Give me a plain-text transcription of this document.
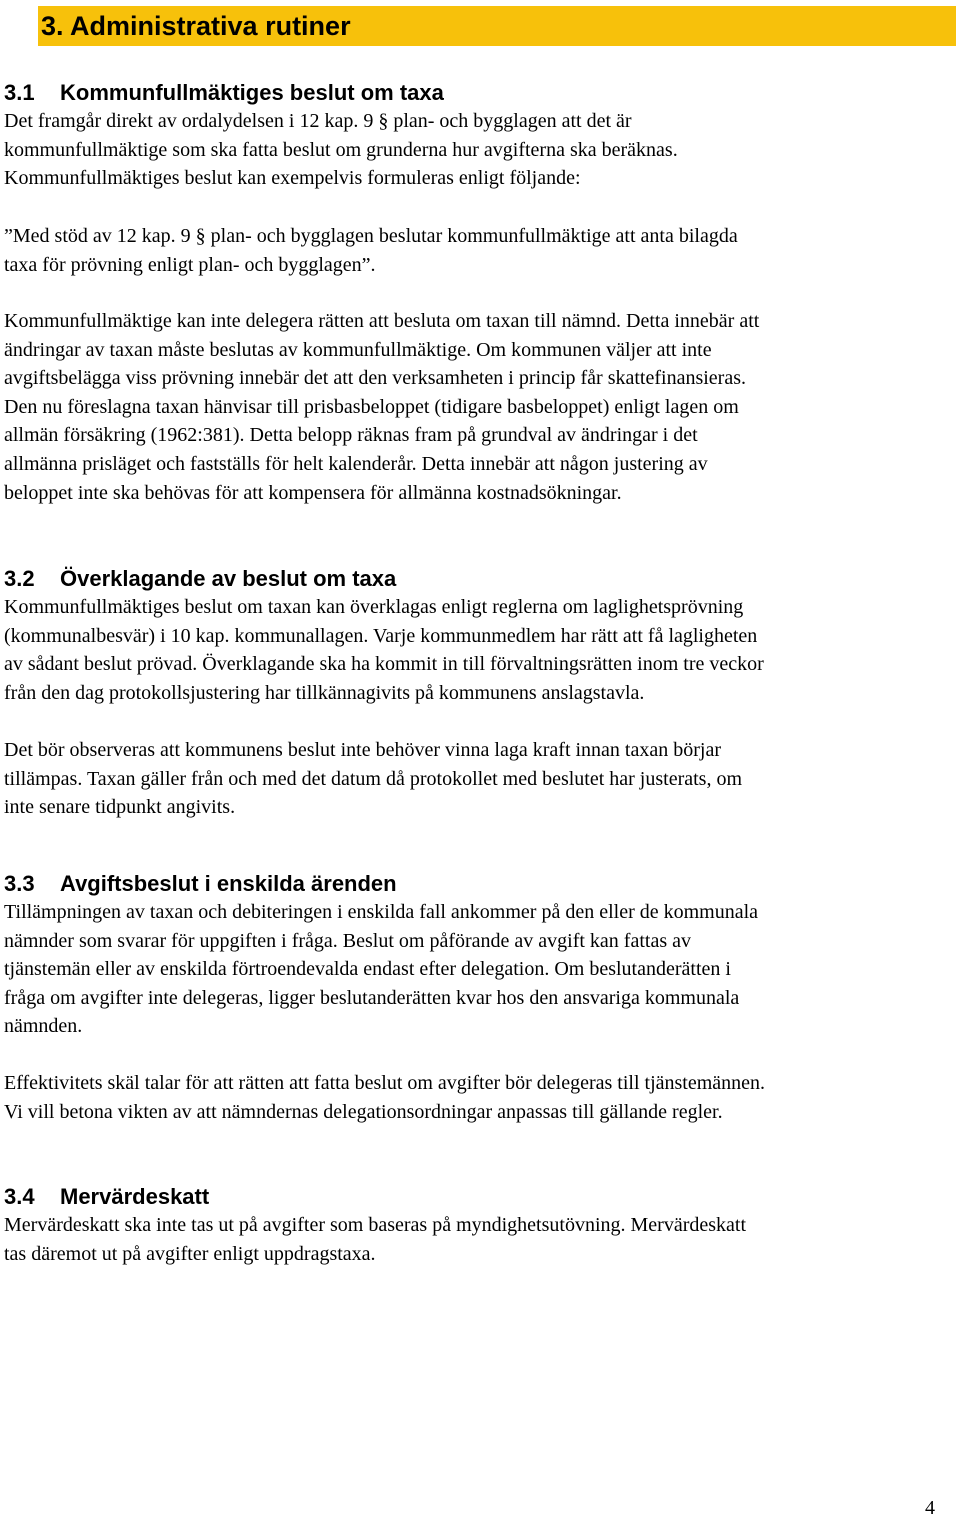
3. Administrativa rutiner
3.1 Kommunfullmäktiges beslut om taxa

Det framgår direkt av ordalydelsen i 12 kap. 9 § plan- och bygglagen att det är
kommunfullmäktige som ska fatta beslut om grunderna hur avgifterna ska beräknas.
Kommunfullmäktiges beslut kan exempelvis formuleras enligt följande:

”Med stöd av 12 kap. 9 § plan- och bygglagen beslutar kommunfullmäktige att anta bilagda
taxa för prövning enligt plan- och bygglagen”.

Kommunfullmäktige kan inte delegera rätten att besluta om taxan till nämnd. Detta innebär att
ändringar av taxan måste beslutas av kommunfullmäktige. Om kommunen väljer att inte
avgiftsbelägga viss prövning innebär det att den verksamheten i princip får skattefinansieras.
Den nu föreslagna taxan hänvisar till prisbasbeloppet (tidigare basbeloppet) enligt lagen om
allmän försäkring (1962:381). Detta belopp räknas fram på grundval av ändringar i det
allmänna prisläget och fastställs för helt kalenderår. Detta innebär att någon justering av
beloppet inte ska behövas för att kompensera för allmänna kostnadsökningar.

3.2 Överklagande av beslut om taxa

Kommunfullmäktiges beslut om taxan kan överklagas enligt reglerna om laglighetsprövning
(kommunalbesvär) i 10 kap. kommunallagen. Varje kommunmedlem har rätt att få lagligheten
av sådant beslut prövad. Överklagande ska ha kommit in till förvaltningsrätten inom tre veckor
från den dag protokollsjustering har tillkännagivits på kommunens anslagstavla.

Det bör observeras att kommunens beslut inte behöver vinna laga kraft innan taxan börjar
tillämpas. Taxan gäller från och med det datum då protokollet med beslutet har justerats, om
inte senare tidpunkt angivits.

3.3 Avgiftsbeslut i enskilda ärenden

Tillämpningen av taxan och debiteringen i enskilda fall ankommer på den eller de kommunala
nämnder som svarar för uppgiften i fråga. Beslut om påförande av avgift kan fattas av
tjänstemän eller av enskilda förtroendevalda endast efter delegation. Om beslutanderätten i
fråga om avgifter inte delegeras, ligger beslutanderätten kvar hos den ansvariga kommunala
nämnden.

Effektivitets skäl talar för att rätten att fatta beslut om avgifter bör delegeras till tjänstemännen.
Vi vill betona vikten av att nämndernas delegationsordningar anpassas till gällande regler.

3.4 Mervärdeskatt

Mervärdeskatt ska inte tas ut på avgifter som baseras på myndighetsutövning. Mervärdeskatt
tas däremot ut på avgifter enligt uppdragstaxa.

4
